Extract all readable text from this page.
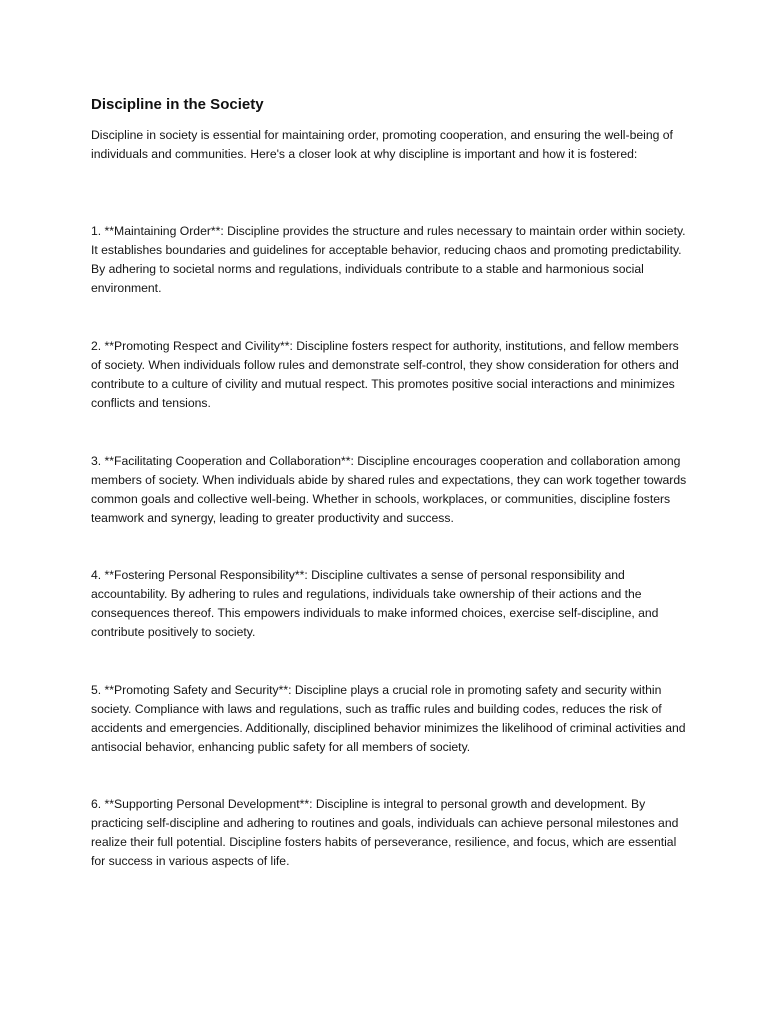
Discipline in the Society

Discipline in society is essential for maintaining order, promoting cooperation, and ensuring the well-being of individuals and communities. Here's a closer look at why discipline is important and how it is fostered:

1. **Maintaining Order**: Discipline provides the structure and rules necessary to maintain order within society. It establishes boundaries and guidelines for acceptable behavior, reducing chaos and promoting predictability. By adhering to societal norms and regulations, individuals contribute to a stable and harmonious social environment.

2. **Promoting Respect and Civility**: Discipline fosters respect for authority, institutions, and fellow members of society. When individuals follow rules and demonstrate self-control, they show consideration for others and contribute to a culture of civility and mutual respect. This promotes positive social interactions and minimizes conflicts and tensions.

3. **Facilitating Cooperation and Collaboration**: Discipline encourages cooperation and collaboration among members of society. When individuals abide by shared rules and expectations, they can work together towards common goals and collective well-being. Whether in schools, workplaces, or communities, discipline fosters teamwork and synergy, leading to greater productivity and success.

4. **Fostering Personal Responsibility**: Discipline cultivates a sense of personal responsibility and accountability. By adhering to rules and regulations, individuals take ownership of their actions and the consequences thereof. This empowers individuals to make informed choices, exercise self-discipline, and contribute positively to society.

5. **Promoting Safety and Security**: Discipline plays a crucial role in promoting safety and security within society. Compliance with laws and regulations, such as traffic rules and building codes, reduces the risk of accidents and emergencies. Additionally, disciplined behavior minimizes the likelihood of criminal activities and antisocial behavior, enhancing public safety for all members of society.

6. **Supporting Personal Development**: Discipline is integral to personal growth and development. By practicing self-discipline and adhering to routines and goals, individuals can achieve personal milestones and realize their full potential. Discipline fosters habits of perseverance, resilience, and focus, which are essential for success in various aspects of life.
